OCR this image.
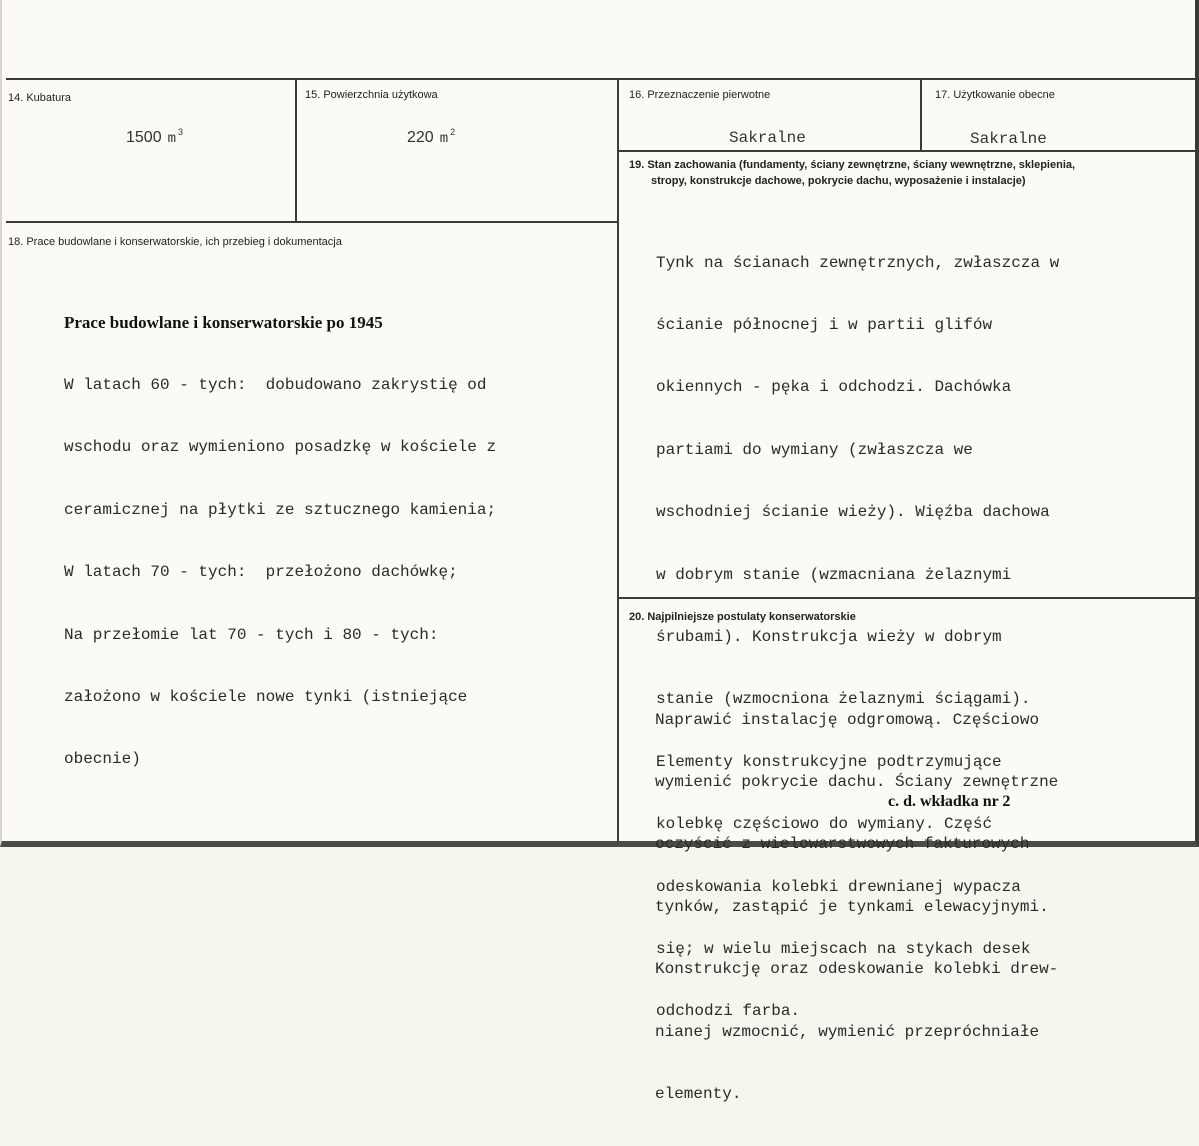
14. Kubatura
1500 m $^3$
15. Powierzchnia użytkowa
220 m $^2$
16. Przeznaczenie pierwotne
Sakralne
17. Użytkowanie obecne
Sakralne
19. Stan zachowania (fundamenty, ściany zewnętrzne, ściany wewnętrzne, sklepienia,
stropy, konstrukcje dachowe, pokrycie dachu, wyposażenie i instalacje)

Tynk na ścianach zewnętrznych, zwłaszcza w

ścianie północnej i w partii glifów

okiennych - pęka i odchodzi. Dachówka

partiami do wymiany (zwłaszcza we

wschodniej ścianie wieży). Więźba dachowa

w dobrym stanie (wzmacniana żelaznymi

śrubami). Konstrukcja wieży w dobrym

stanie (wzmocniona żelaznymi ściągami).

Elementy konstrukcyjne podtrzymujące

kolebkę częściowo do wymiany. Część

odeskowania kolebki drewnianej wypacza

się; w wielu miejscach na stykach desek

odchodzi farba.

18. Prace budowlane i konserwatorskie, ich przebieg i dokumentacja

Prace budowlane i konserwatorskie po 1945

W latach 60 - tych:  dobudowano zakrystię od

wschodu oraz wymieniono posadzkę w kościele z

ceramicznej na płytki ze sztucznego kamienia;

W latach 70 - tych:  przełożono dachówkę;

Na przełomie lat 70 - tych i 80 - tych:

założono w kościele nowe tynki (istniejące

obecnie)

20. Najpilniejsze postulaty konserwatorskie

Naprawić instalację odgromową. Częściowo

wymienić pokrycie dachu. Ściany zewnętrzne

oczyścić z wielowarstwowych fakturowych

tynków, zastąpić je tynkami elewacyjnymi.

Konstrukcję oraz odeskowanie kolebki drew-

nianej wzmocnić, wymienić przepróchniałe

elementy.

c. d. wkładka nr 2
